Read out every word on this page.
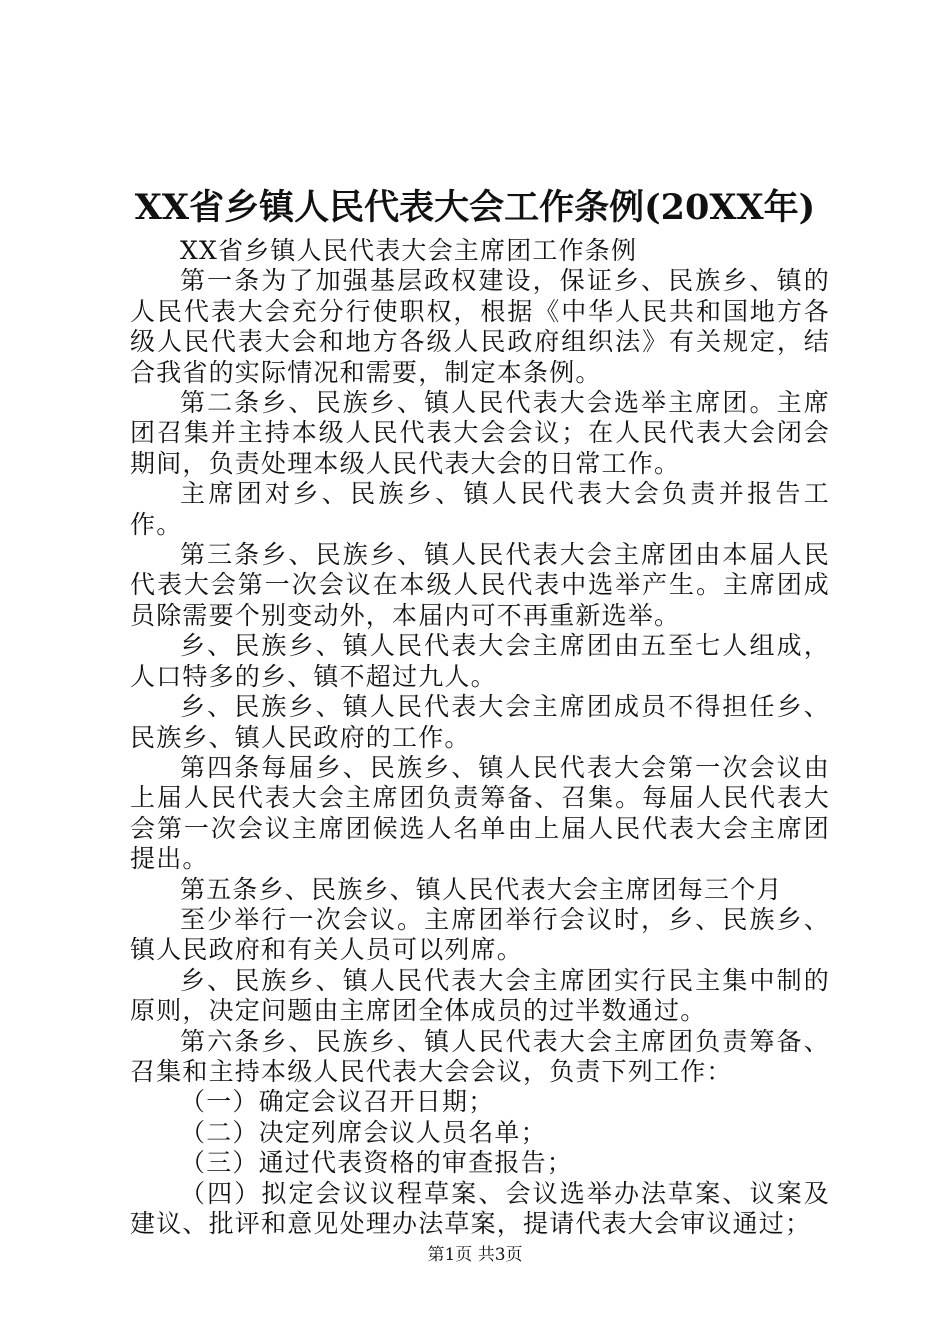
XX省乡镇人民代表大会工作条例(20XX年)

XX省乡镇人民代表大会主席团工作条例

第一条为了加强基层政权建设，保证乡、民族乡、镇的人民代表大会充分行使职权，根据《中华人民共和国地方各级人民代表大会和地方各级人民政府组织法》有关规定，结合我省的实际情况和需要，制定本条例。

第二条乡、民族乡、镇人民代表大会选举主席团。主席团召集并主持本级人民代表大会会议；在人民代表大会闭会期间，负责处理本级人民代表大会的日常工作。

主席团对乡、民族乡、镇人民代表大会负责并报告工作。

第三条乡、民族乡、镇人民代表大会主席团由本届人民代表大会第一次会议在本级人民代表中选举产生。主席团成员除需要个别变动外，本届内可不再重新选举。

乡、民族乡、镇人民代表大会主席团由五至七人组成，人口特多的乡、镇不超过九人。

乡、民族乡、镇人民代表大会主席团成员不得担任乡、民族乡、镇人民政府的工作。

第四条每届乡、民族乡、镇人民代表大会第一次会议由上届人民代表大会主席团负责筹备、召集。每届人民代表大会第一次会议主席团候选人名单由上届人民代表大会主席团提出。

第五条乡、民族乡、镇人民代表大会主席团每三个月

至少举行一次会议。主席团举行会议时，乡、民族乡、镇人民政府和有关人员可以列席。

乡、民族乡、镇人民代表大会主席团实行民主集中制的原则，决定问题由主席团全体成员的过半数通过。

第六条乡、民族乡、镇人民代表大会主席团负责筹备、召集和主持本级人民代表大会会议，负责下列工作：

（一）确定会议召开日期；

（二）决定列席会议人员名单；

（三）通过代表资格的审查报告；

（四）拟定会议议程草案、会议选举办法草案、议案及建议、批评和意见处理办法草案，提请代表大会审议通过；

第1页 共3页
